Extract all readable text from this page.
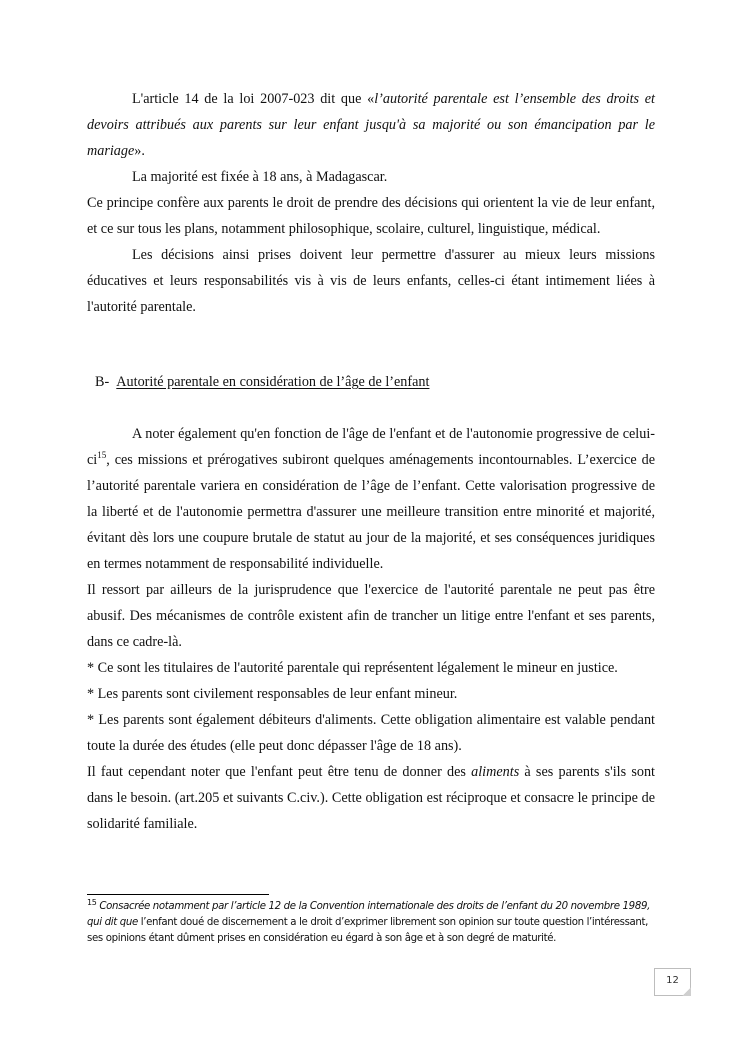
L'article 14 de la loi 2007-023 dit que «l’autorité parentale est l’ensemble des droits et devoirs attribués aux parents sur leur enfant jusqu'à sa majorité ou son émancipation par le mariage».

La majorité est fixée à 18 ans, à Madagascar.

Ce principe confère aux parents le droit de prendre des décisions qui orientent la vie de leur enfant, et ce sur tous les plans, notamment philosophique, scolaire, culturel, linguistique, médical.

Les décisions ainsi prises doivent leur permettre d'assurer au mieux leurs missions éducatives et leurs responsabilités vis à vis de leurs enfants, celles-ci étant intimement liées à l'autorité parentale.

B- Autorité parentale en considération de l’âge de l’enfant

A noter également qu'en fonction de l'âge de l'enfant et de l'autonomie progressive de celui-$ci^{15}$, ces missions et prérogatives subiront quelques aménagements incontournables. L’exercice de l’autorité parentale variera en considération de l’âge de l’enfant. Cette valorisation progressive de la liberté et de l'autonomie permettra d'assurer une meilleure transition entre minorité et majorité, évitant dès lors une coupure brutale de statut au jour de la majorité, et ses conséquences juridiques en termes notamment de responsabilité individuelle.

Il ressort par ailleurs de la jurisprudence que l'exercice de l'autorité parentale ne peut pas être abusif. Des mécanismes de contrôle existent afin de trancher un litige entre l'enfant et ses parents, dans ce cadre-là.

* Ce sont les titulaires de l'autorité parentale qui représentent légalement le mineur en justice.

* Les parents sont civilement responsables de leur enfant mineur.

* Les parents sont également débiteurs d'aliments. Cette obligation alimentaire est valable pendant toute la durée des études (elle peut donc dépasser l'âge de 18 ans).

Il faut cependant noter que l'enfant peut être tenu de donner des aliments à ses parents s'ils sont dans le besoin. (art.205 et suivants C.civ.). Cette obligation est réciproque et consacre le principe de solidarité familiale.

$^{15}$ Consacrée notamment par l’article 12 de la Convention internationale des droits de l’enfant du 20 novembre 1989, qui dit que l’enfant doué de discernement a le droit d’exprimer librement son opinion sur toute question l’intéressant, ses opinions étant dûment prises en considération eu égard à son âge et à son degré de maturité.

12
